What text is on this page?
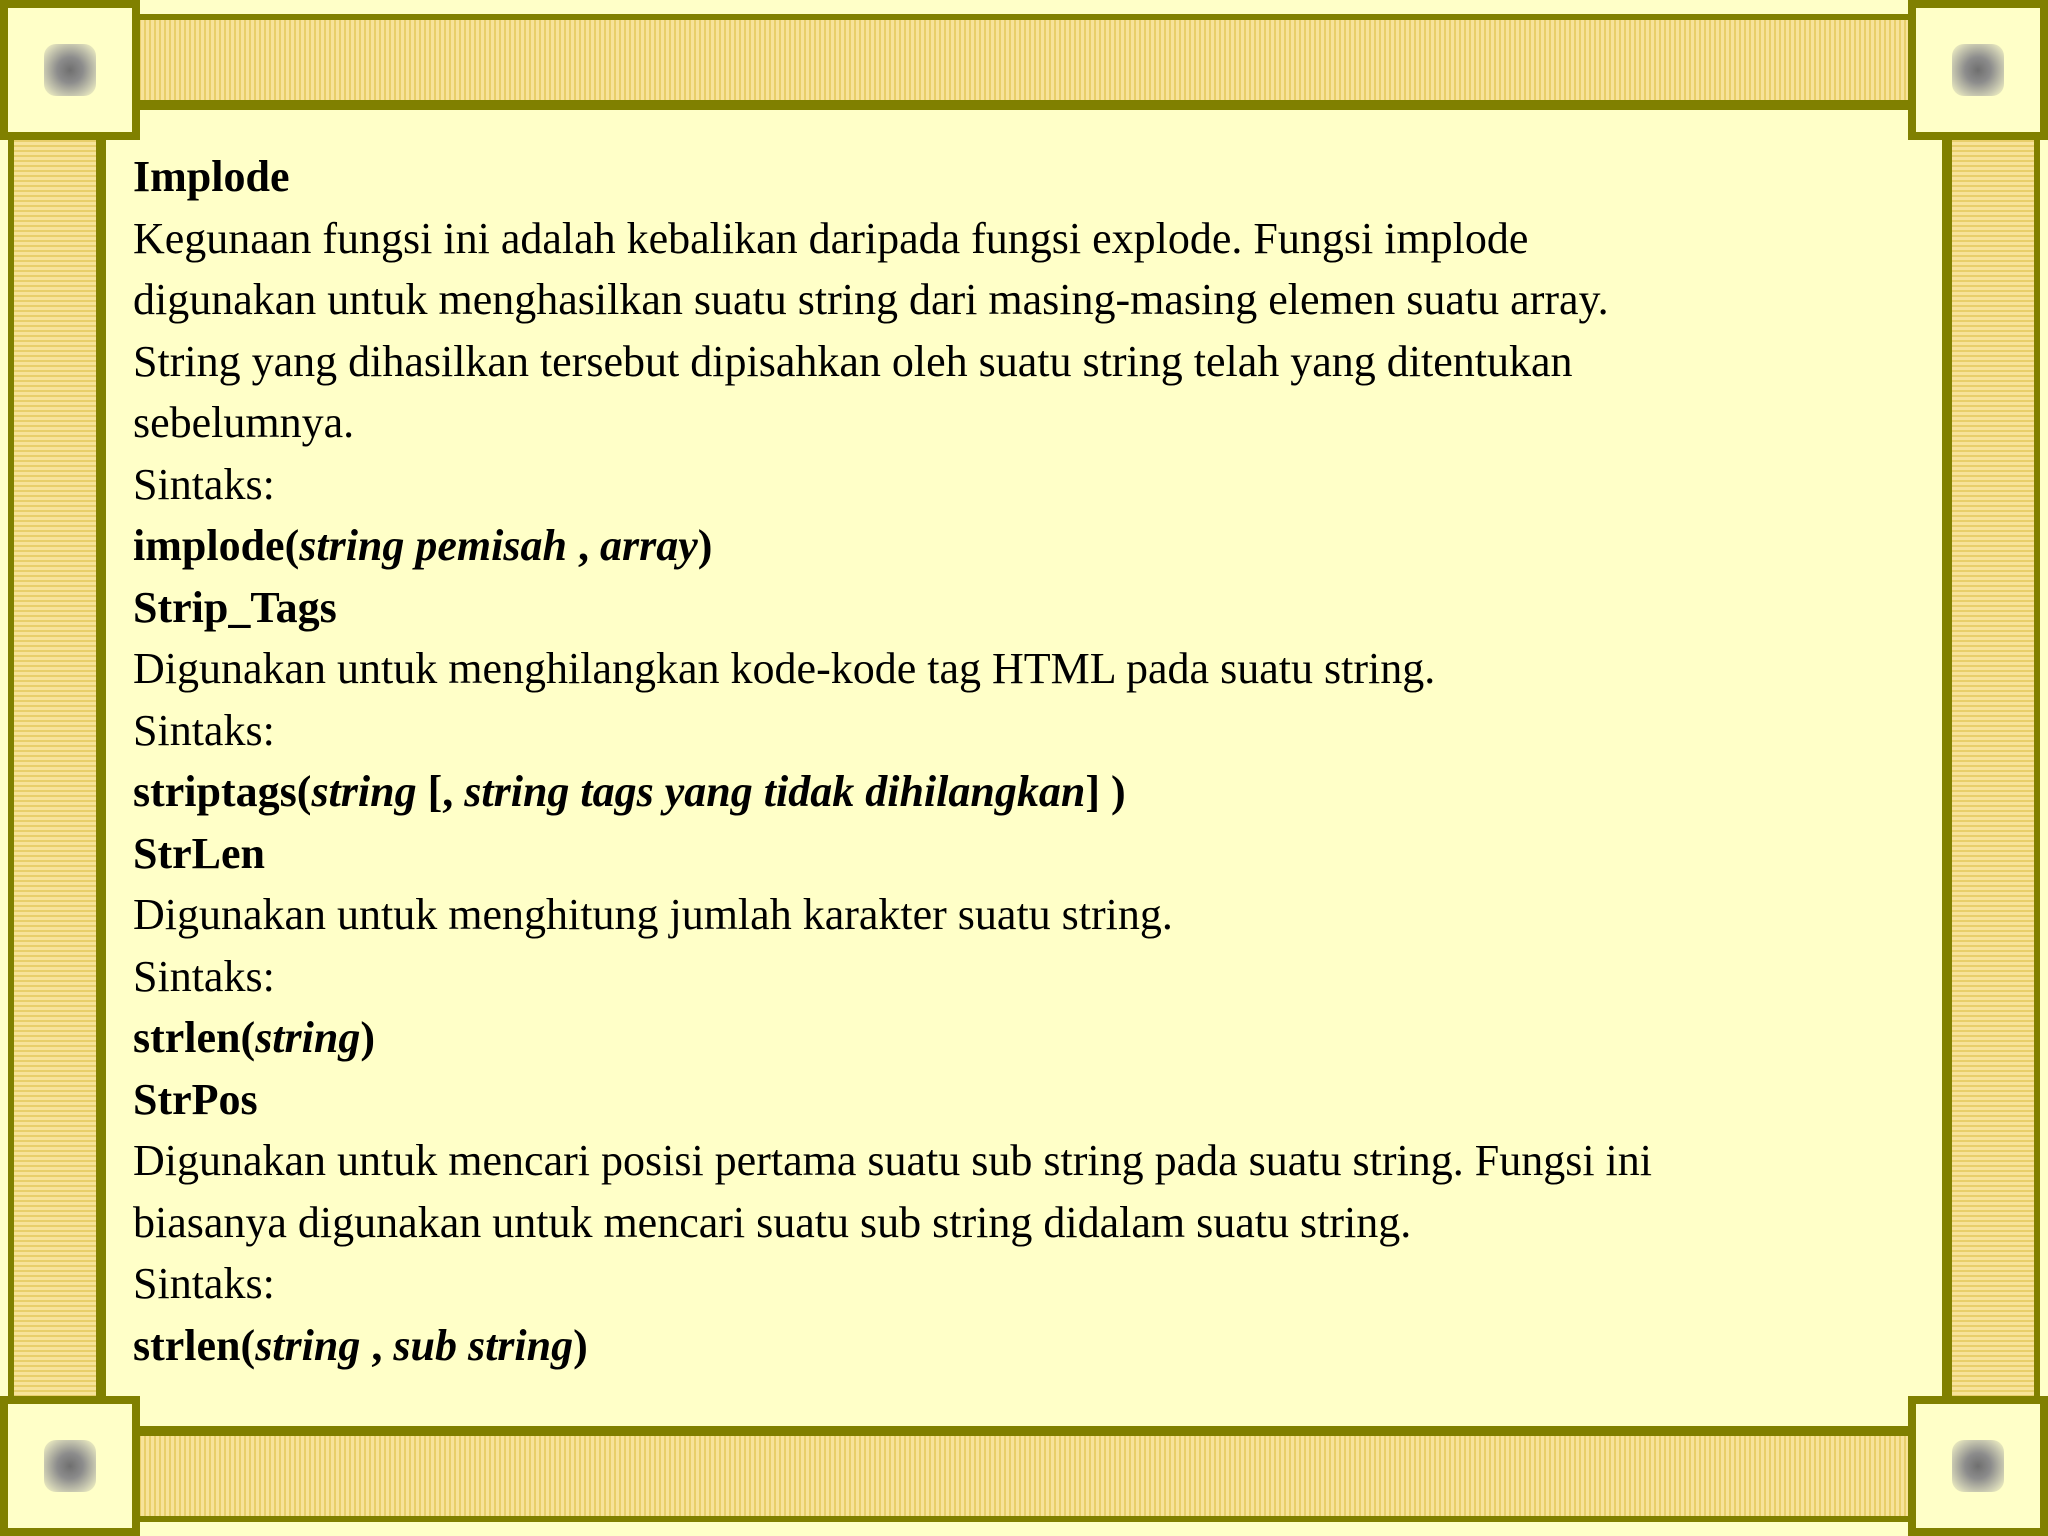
Implode
Kegunaan fungsi ini adalah kebalikan daripada fungsi explode. Fungsi implode
digunakan untuk menghasilkan suatu string dari masing-masing elemen suatu array.
String yang dihasilkan tersebut dipisahkan oleh suatu string telah yang ditentukan
sebelumnya.
Sintaks:
implode(string pemisah , array)
Strip_Tags
Digunakan untuk menghilangkan kode-kode tag HTML pada suatu string.
Sintaks:
striptags(string [, string tags yang tidak dihilangkan] )
StrLen
Digunakan untuk menghitung jumlah karakter suatu string.
Sintaks:
strlen(string)
StrPos
Digunakan untuk mencari posisi pertama suatu sub string pada suatu string. Fungsi ini
biasanya digunakan untuk mencari suatu sub string didalam suatu string.
Sintaks:
strlen(string , sub string)
